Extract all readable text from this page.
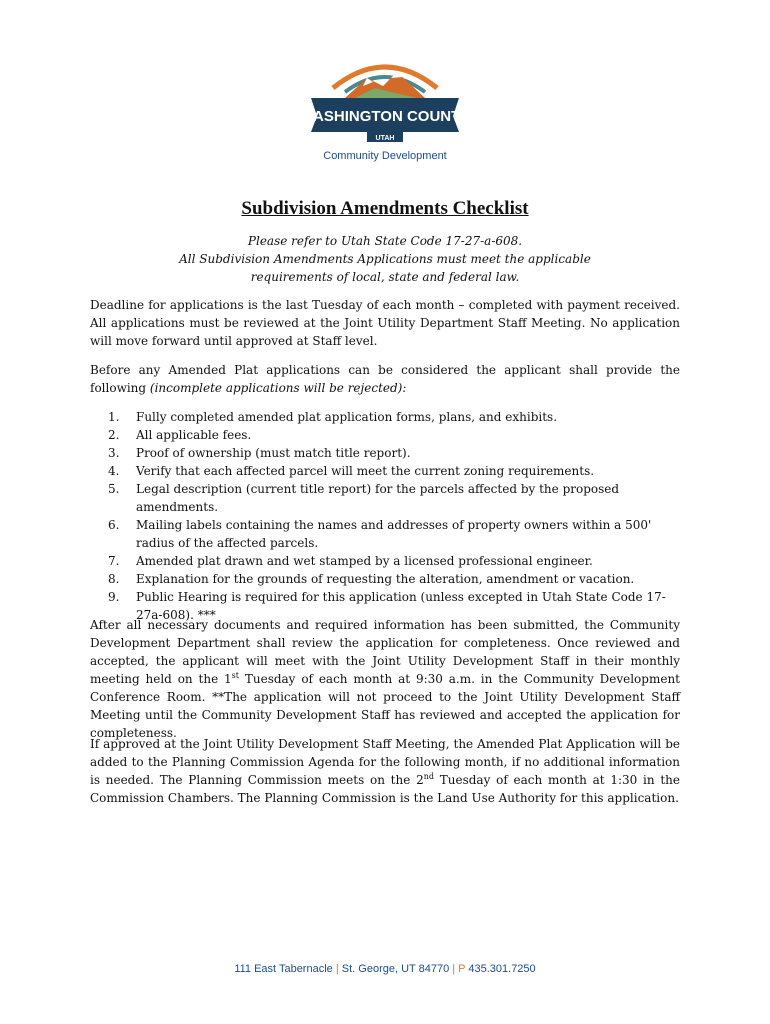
WASHINGTON COUNTY
UTAH
Community Development
Subdivision Amendments Checklist
Please refer to Utah State Code 17-27-a-608.
All Subdivision Amendments Applications must meet the applicable
requirements of local, state and federal law.
Deadline for applications is the last Tuesday of each month – completed with payment received. All applications must be reviewed at the Joint Utility Department Staff Meeting. No application will move forward until approved at Staff level.
Before any Amended Plat applications can be considered the applicant shall provide the following (incomplete applications will be rejected):
1.	Fully completed amended plat application forms, plans, and exhibits.
2.	All applicable fees.
3.	Proof of ownership (must match title report).
4.	Verify that each affected parcel will meet the current zoning requirements.
5.	Legal description (current title report) for the parcels affected by the proposed amendments.
6.	Mailing labels containing the names and addresses of property owners within a 500' radius of the affected parcels.
7.	Amended plat drawn and wet stamped by a licensed professional engineer.
8.	Explanation for the grounds of requesting the alteration, amendment or vacation.
9.	Public Hearing is required for this application (unless excepted in Utah State Code 17-27a-608). ***
After all necessary documents and required information has been submitted, the Community Development Department shall review the application for completeness. Once reviewed and accepted, the applicant will meet with the Joint Utility Development Staff in their monthly meeting held on the 1st Tuesday of each month at 9:30 a.m. in the Community Development Conference Room. **The application will not proceed to the Joint Utility Development Staff Meeting until the Community Development Staff has reviewed and accepted the application for completeness.
If approved at the Joint Utility Development Staff Meeting, the Amended Plat Application will be added to the Planning Commission Agenda for the following month, if no additional information is needed. The Planning Commission meets on the 2nd Tuesday of each month at 1:30 in the Commission Chambers. The Planning Commission is the Land Use Authority for this application.
111 East Tabernacle | St. George, UT 84770 | P 435.301.7250
